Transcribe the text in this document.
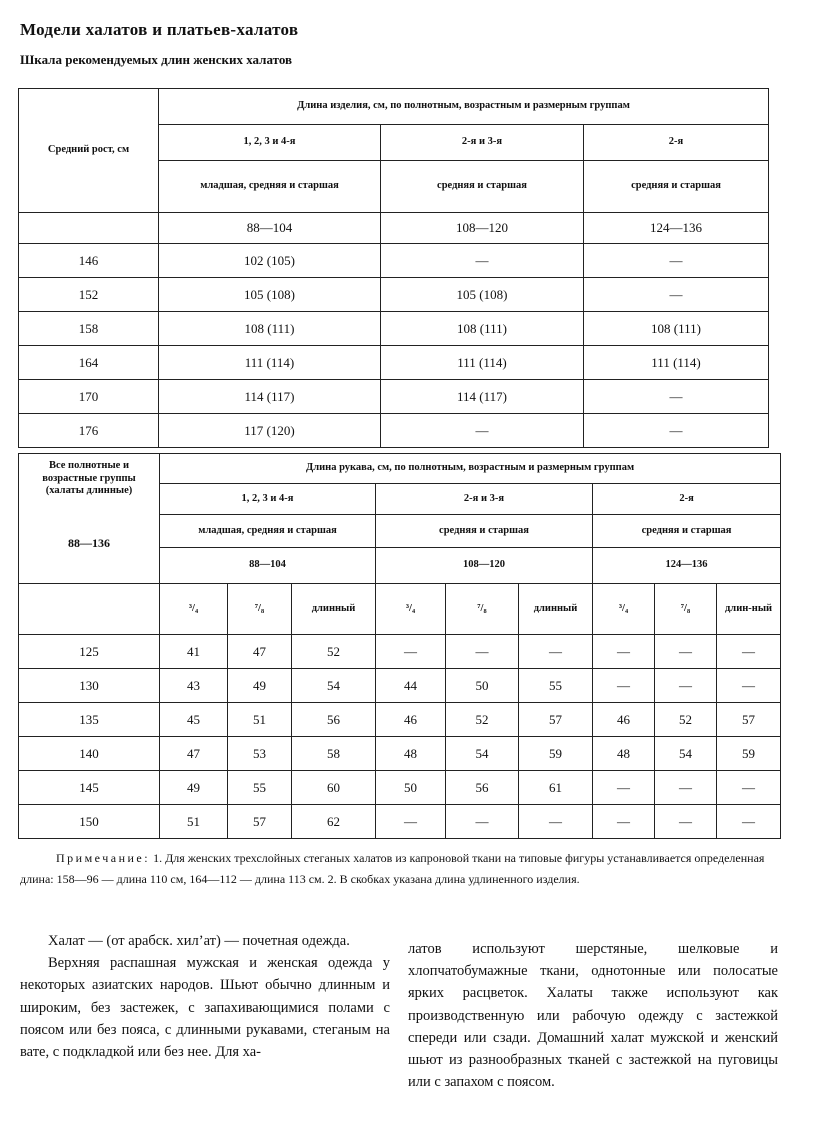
Модели халатов и платьев-халатов
Шкала рекомендуемых длин женских халатов
Средний рост, см	Длина изделия, см, по полнотным, возрастным и размерным группам		
	1, 2, 3 и 4-я	2-я и 3-я	2-я
	младшая, средняя и старшая	средняя и старшая	средняя и старшая
	88—104	108—120	124—136
146	102 (105)	—	—
152	105 (108)	105 (108)	—
158	108 (111)	108 (111)	108 (111)
164	111 (114)	111 (114)	111 (114)
170	114 (117)	114 (117)	—
176	117 (120)	—	—
Все полнотные и возрастные группы (халаты длинные)
88—136	Длина рукава, см, по полнотным, возрастным и размерным группам								
	1, 2, 3 и 4-я			2-я и 3-я			2-я		
	младшая, средняя и старшая			средняя и старшая			средняя и старшая		
	88—104			108—120			124—136		
	³/₄	⁷/₈	длинный	³/₄	⁷/₈	длинный	³/₄	⁷/₈	длин-ный
125	41	47	52	—	—	—	—	—	—
130	43	49	54	44	50	55	—	—	—
135	45	51	56	46	52	57	46	52	57
140	47	53	58	48	54	59	48	54	59
145	49	55	60	50	56	61	—	—	—
150	51	57	62	—	—	—	—	—	—
Примечание: 1. Для женских трехслойных стеганых халатов из капроновой ткани на типовые фигуры устанавливается определенная длина: 158—96 — длина 110 см, 164—112 — длина 113 см. 2. В скобках указана длина удлиненного изделия.

Халат — (от арабск. хил’ат) — почетная одежда.

Верхняя распашная мужская и женская одежда у некоторых азиатских народов. Шьют обычно длинным и широким, без застежек, с запахивающимися полами с поясом или без пояса, с длинными рукавами, стеганым на вате, с подкладкой или без нее. Для ха-

латов используют шерстяные, шелковые и хлопчатобумажные ткани, однотонные или полосатые ярких расцветок. Халаты также используют как производственную или рабочую одежду с застежкой спереди или сзади. Домашний халат мужской и женский шьют из разнообразных тканей с застежкой на пуговицы или с запахом с поясом.
